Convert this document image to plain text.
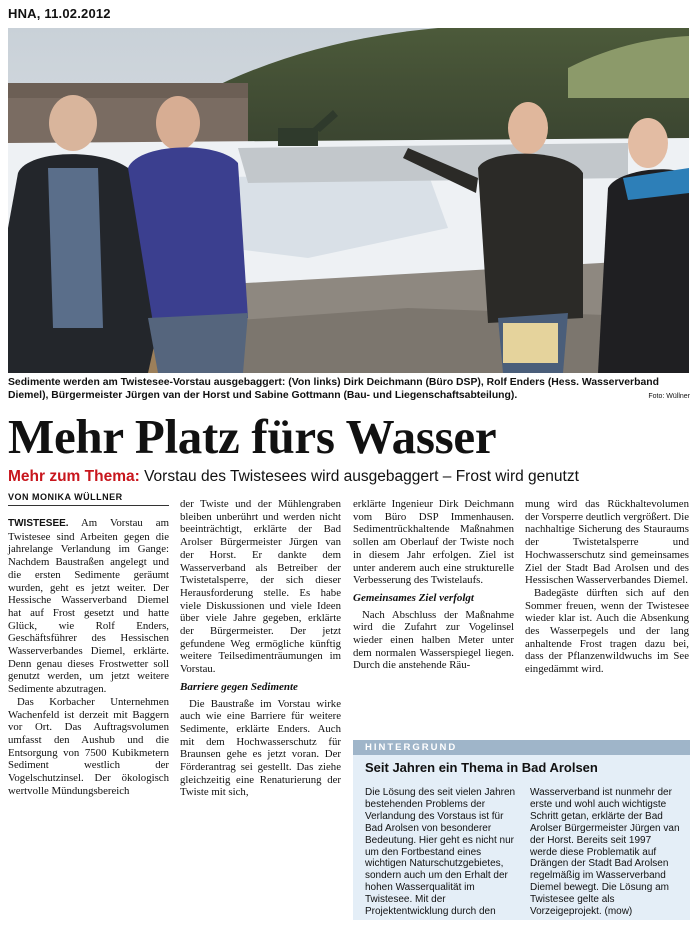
HNA, 11.02.2012
Sedimente werden am Twistesee-Vorstau ausgebaggert: (Von links) Dirk Deichmann (Büro DSP), Rolf Enders (Hess. Wasserverband Diemel), Bürgermeister Jürgen van der Horst und Sabine Gottmann (Bau- und Liegenschaftsabteilung).	Foto: Wüllner
Mehr Platz fürs Wasser
Mehr zum Thema: Vorstau des Twistesees wird ausgebaggert – Frost wird genutzt
VON MONIKA WÜLLNER

TWISTESEE. Am Vorstau am Twistesee sind Arbeiten gegen die jahrelange Verlandung im Gange: Nachdem Baustraßen angelegt und die ersten Sedimente geräumt wurden, geht es jetzt weiter. Der Hessische Wasserverband Diemel hat auf Frost gesetzt und hatte Glück, wie Rolf Enders, Geschäftsführer des Hessischen Wasserverbandes Diemel, erklärte. Denn genau dieses Frostwetter soll genutzt werden, um jetzt weitere Sedimente abzutragen.

Das Korbacher Unternehmen Wachenfeld ist derzeit mit Baggern vor Ort. Das Auftragsvolumen umfasst den Aushub und die Entsorgung von 7500 Kubikmetern Sediment westlich der Vogelschutzinsel. Der ökologisch wertvolle Mündungsbereich

der Twiste und der Mühlengraben bleiben unberührt und werden nicht beeinträchtigt, erklärte der Bad Arolser Bürgermeister Jürgen van der Horst. Er dankte dem Wasserverband als Betreiber der Twistetalsperre, der sich dieser Herausforderung stelle. Es habe viele Diskussionen und viele Ideen über viele Jahre gegeben, erklärte der Bürgermeister. Der jetzt gefundene Weg ermögliche künftig weitere Teilsedimenträumungen im Vorstau.

Barriere gegen Sedimente

Die Baustraße im Vorstau wirke auch wie eine Barriere für weitere Sedimente, erklärte Enders. Auch mit dem Hochwasserschutz für Braunsen gehe es jetzt voran. Der Förderantrag sei gestellt. Das ziehe gleichzeitig eine Renaturierung der Twiste mit sich,

erklärte Ingenieur Dirk Deichmann vom Büro DSP Immenhausen. Sedimentrückhaltende Maßnahmen sollen am Oberlauf der Twiste noch in diesem Jahr erfolgen. Ziel ist unter anderem auch eine strukturelle Verbesserung des Twistelaufs.

Gemeinsames Ziel verfolgt

Nach Abschluss der Maßnahme wird die Zufahrt zur Vogelinsel wieder einen halben Meter unter dem normalen Wasserspiegel liegen. Durch die anstehende Räu-

mung wird das Rückhaltevolumen der Vorsperre deutlich vergrößert. Die nachhaltige Sicherung des Stauraums der Twistetalsperre und Hochwasserschutz sind gemeinsames Ziel der Stadt Bad Arolsen und des Hessischen Wasserverbandes Diemel.

Badegäste dürften sich auf den Sommer freuen, wenn der Twistesee wieder klar ist. Auch die Absenkung des Wasserpegels und der lang anhaltende Frost tragen dazu bei, dass der Pflanzenwildwuchs im See eingedämmt wird.

HINTERGRUND
Seit Jahren ein Thema in Bad Arolsen
Die Lösung des seit vielen Jahren bestehenden Problems der Verlandung des Vorstaus ist für Bad Arolsen von besonderer Bedeutung. Hier geht es nicht nur um den Fortbestand eines wichtigen Naturschutzgebietes, sondern auch um den Erhalt der hohen Wasserqualität im Twistesee. Mit der Projektentwicklung durch den Wasserverband ist nunmehr der erste und wohl auch wichtigste Schritt getan, erklärte der Bad Arolser Bürgermeister Jürgen van der Horst. Bereits seit 1997 werde diese Problematik auf Drängen der Stadt Bad Arolsen regelmäßig im Wasserverband Diemel bewegt. Die Lösung am Twistesee gelte als Vorzeigeprojekt. (mow)
